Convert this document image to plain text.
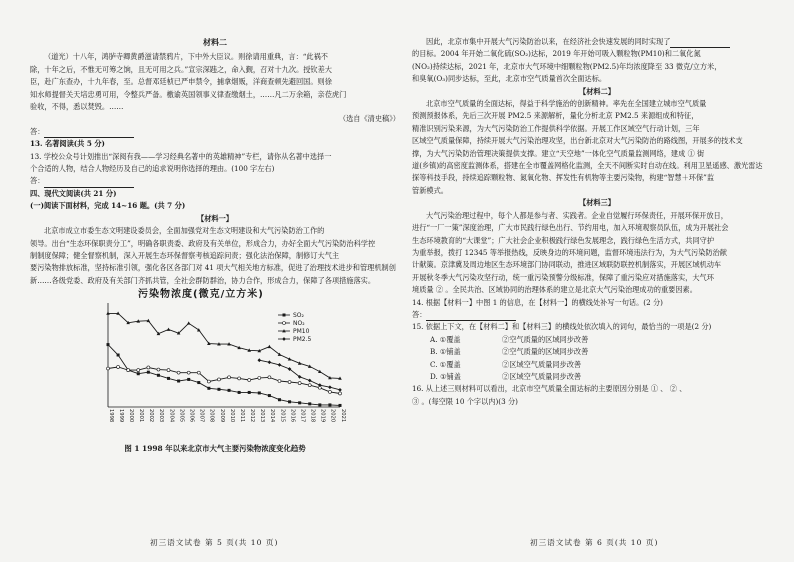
材料二

（道光）十八年，鸿胪寺卿黄爵滋请禁鸦片，下中外大臣议。则徐请用重典，言：“此祸不

除，十年之后，不惟无可筹之饷，且无可用之兵。”宣宗深韪之，命入觐，召对十九次。授钦差大

臣，赴广东查办，十九年春，至。总督邓廷桢已严申禁令，捕拿烟贩，洋商查顿先避回国。则徐

知水师提督关天培忠勇可用，令整兵严备。檄谕英国领事义律查缴烟土，……凡二万余箱，亲莅虎门

验收，不得，悉以焚毁。……

（选自《清史稿》）

答：

13. 名著阅读(共 5 分)

13. 学校公众号计划推出“深阅有我——学习经典名著中的英雄精神”专栏，请你从名著中选择一

个合适的人物，结合人物经历及自己的追求说明你选择的理由。(100 字左右)

答：

四、现代文阅读(共 21 分)

(一)阅读下面材料，完成 14~16 题。(共 7 分)

【材料一】

北京市成立市委生态文明建设委员会，全面加强党对生态文明建设和大气污染防治工作的

领导。出台“生态环保职责分工”，明确各职责委、政府及有关单位，形成合力，办好全面大气污染防治科学控

制制度保障；健全督察机制，深入开展生态环保督察考核追踪问责；强化法治保障，制修订大气主

要污染物排放标准，坚持标准引领，强化各区各部门对 41 项大气相关地方标准，促进了治理技术进步和管理机制创

新……各级党委、政府及有关部门齐抓共管，全社会群防群治，协力合作，形成合力，保障了各项措施落实。

污染物浓度(微克/立方米)
1998 1999 2000 2001 2002 2003 2004 2005 2006 2007 2008 2009 2010 2011 2012 2013 2014 2015 2016 2017 2018 2019 2020 2021
SO₂
NO₂
PM10
PM2.5

图 1 1998 年以来北京市大气主要污染物浓度变化趋势

初三语文试卷 第 5 页(共 10 页)

因此，北京市集中开展大气污染防治以来，在经济社会快速发展的同时实现了

的目标。2004 年开始二氧化硫(SO₂)达标，2019 年开始可吸入颗粒物(PM10)和二氧化氮

(NO₂)持续达标，2021 年，北京市大气环境中细颗粒物(PM2.5)年均浓度降至 33 微克/立方米，

和臭氧(O₃)同步达标，至此，北京市空气质量首次全面达标。

【材料二】

北京市空气质量的全面达标，得益于科学施治的创新精神。率先在全国建立城市空气质量

预测预报体系，先后三次开展 PM2.5 来源解析，量化分析北京 PM2.5 来源组成和特征，

精准识别污染来源，为大气污染防治工作提供科学依据。开展工作区域空气行动计划，三年

区域空气质量保障，持续开展大气污染治理攻坚，出台新北京对大气污染防治的路线图，开展多的技术支

撑，为大气污染防治管理决策提供支撑。建立“天空地”一体化空气质量监测网络，建成 ① 街

道(乡镇)的高密度监测体系，搭建在全市覆盖网格化监测，全天不间断实时自动在线。利用卫星遥感、激光雷达

探等科技手段，持续追踪颗粒物、氮氧化物、挥发性有机物等主要污染物，构建“智慧＋环保”监

管新模式。

【材料三】

大气污染治理过程中，每个人都是参与者、实践者。企业自觉履行环保责任，开展环保开放日，

进行“一厂一策”深度治理，广大市民践行绿色出行、节约用电，加入环境观察员队伍，成为开展社会

生态环境教育的“大课堂”；广大社会企业积极践行绿色发展理念，践行绿色生活方式，共同守护

为重举报，拨打 12345 等举报热线，反映身边的环境问题，监督环境违法行为，为大气污染防治献

计献策。京津冀及周边地区生态环境部门协同联动，推进区域联防联控机制落实，开展区域机动车

开展秋冬季大气污染攻坚行动，统一重污染预警分级标准，保障了重污染应对措施落实，大气环

境质量 ② 。全民共治、区域协同的治理体系的建立是北京大气污染治理成功的重要因素。

14. 根据【材料一】中图 1 的信息，在【材料一】的横线处补写一句话。(2 分)

答：

15. 依据上下文，在【材料二】和【材料三】的横线处依次填入的词句，最恰当的一项是(2 分)

A. ①覆盖	②空气质量的区域同步改善

B. ①铺盖	②空气质量的区域同步改善

C. ①覆盖	②区域空气质量同步改善

D. ①铺盖	②区域空气质量同步改善

16. 从上述三则材料可以看出，北京市空气质量全面达标的主要原因分别是 ① 、 ② 、

③ 。(每空限 10 个字以内)(3 分)

初三语文试卷 第 6 页(共 10 页)
